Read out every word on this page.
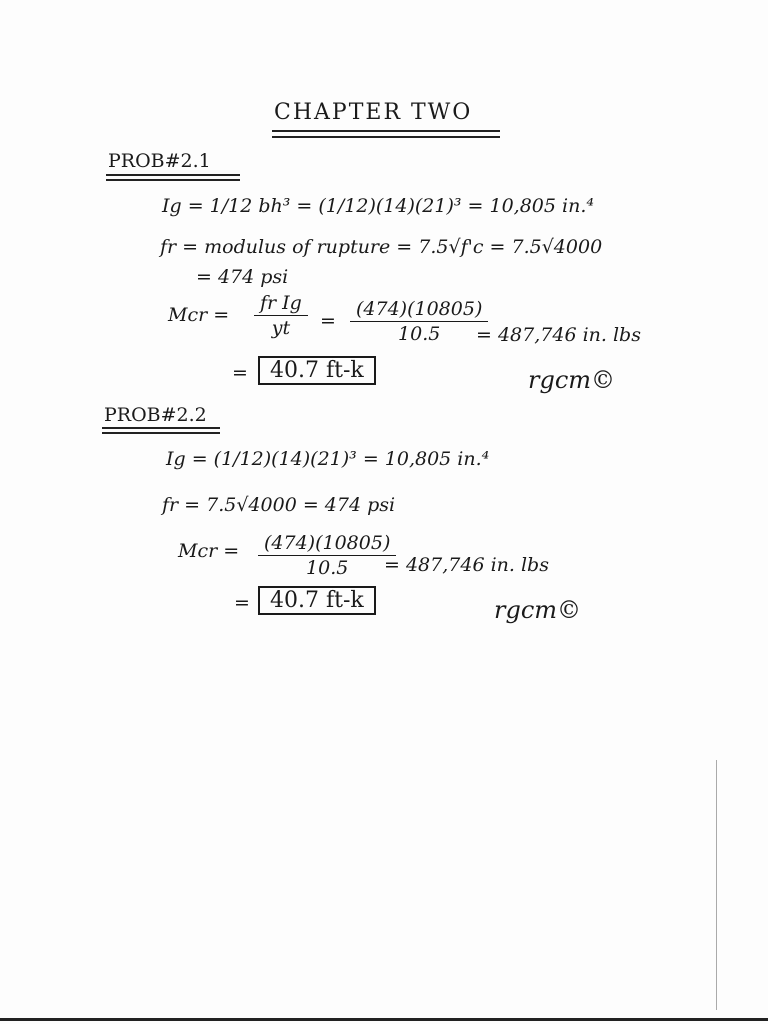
CHAPTER TWO
PROB#2.1
Ig = 1/12 bh³ = (1/12)(14)(21)³ = 10,805 in.⁴
fr = modulus of rupture = 7.5√f'c = 7.5√4000
= 474 psi
Mcr = $\frac{\text{fr Ig}}{yt} = \frac{(474)(10805)}{10.5}$
= 487,746 in. lbs
=	40.7 ft-k	rgcm©
PROB#2.2
Ig = (1/12)(14)(21)³ = 10,805 in.⁴
fr = 7.5√4000 = 474 psi
Mcr = $\frac{(474)(10805)}{10.5}$
= 487,746 in. lbs
= 40.7 ft-k	rgcm©
